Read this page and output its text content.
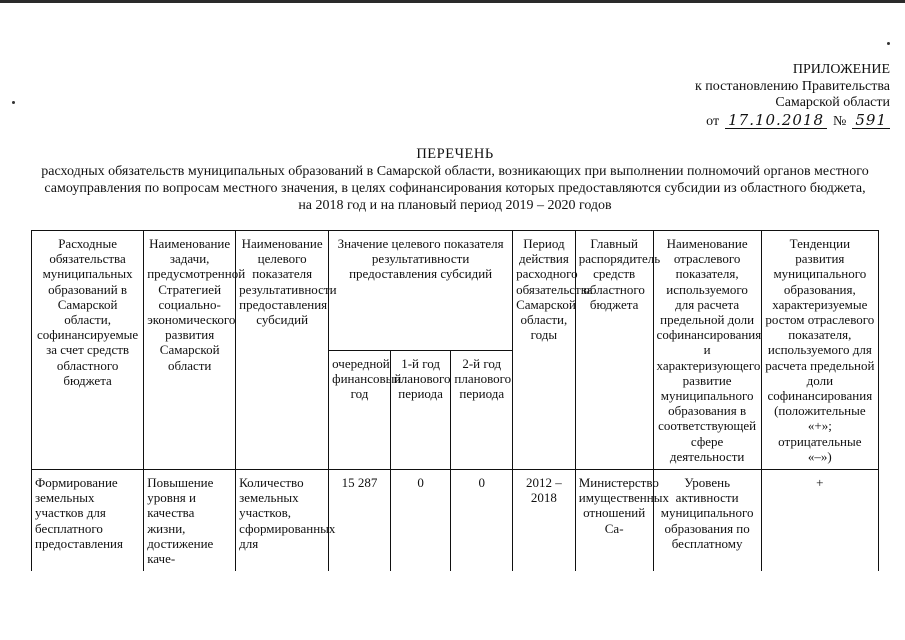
ПРИЛОЖЕНИЕ
к постановлению Правительства
Самарской области
от 17.10.2018 № 591
ПЕРЕЧЕНЬ
расходных обязательств муниципальных образований в Самарской области, возникающих при выполнении полномочий органов местного самоуправления по вопросам местного значения, в целях софинансирования которых предоставляются субсидии из областного бюджета, на 2018 год и на плановый период 2019 – 2020 годов
Расходные обязательства муниципальных образований в Самарской области, софинансируемые за счет средств областного бюджета	Наименование задачи, предусмотренной Стратегией социально-экономического развития Самарской области	Наименование целевого показателя результативности предоставления субсидий	Значение целевого показателя результативности предоставления субсидий			Период действия расходного обязательства Самарской области, годы	Главный распорядитель средств областного бюджета	Наименование отраслевого показателя, используемого для расчета предельной доли софинансирования и характеризующего развитие муниципального образования в соответствующей сфере деятельности	Тенденции развития муниципального образования, характеризуемые ростом отраслевого показателя, используемого для расчета предельной доли софинансирования (положительные «+»; отрицательные «–»)
			очередной финансовый год	1-й год планового периода	2-й год планового периода				
Формирование земельных участков для бесплатного предоставления	Повышение уровня и качества жизни, достижение каче-	Количество земельных участков, сформированных для	15 287	0	0	2012 – 2018	Министерство имущественных отношений Са-	Уровень активности муниципального образования по бесплатному	+
